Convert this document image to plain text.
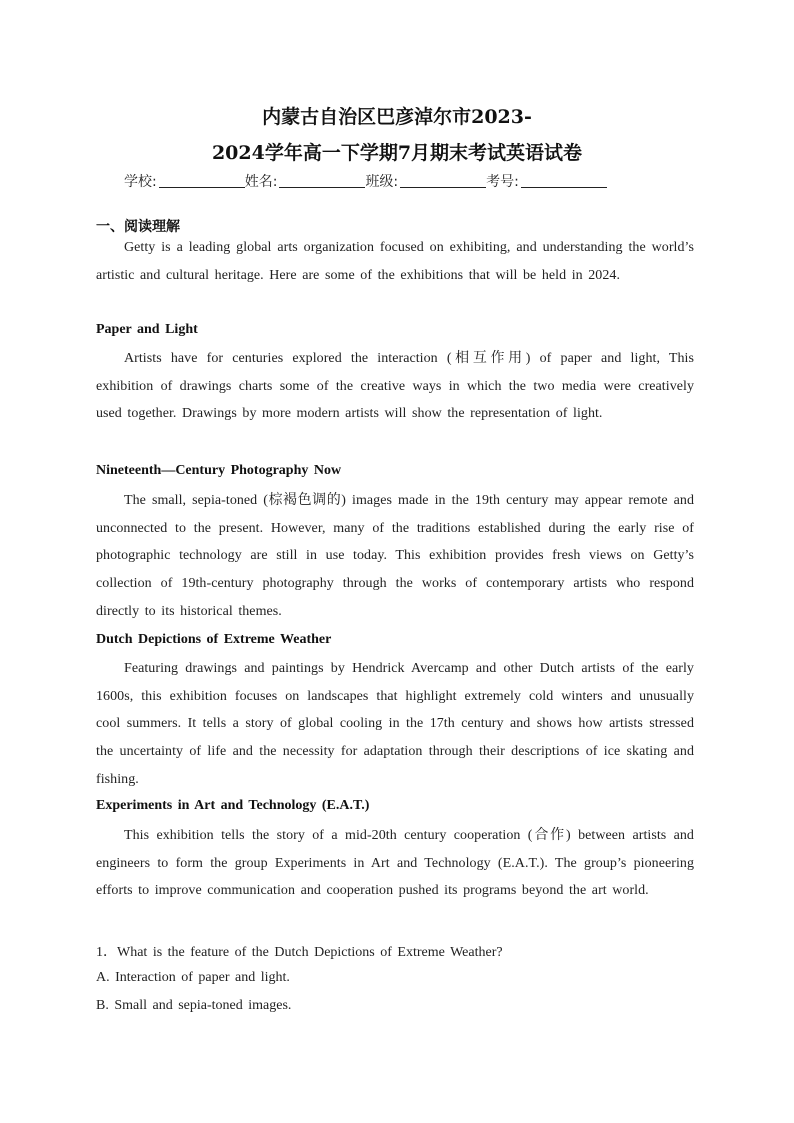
内蒙古自治区巴彦淖尔市2023-
2024学年高一下学期7月期末考试英语试卷
学校:	姓名:	班级:	考号:
一、阅读理解
Getty is a leading global arts organization focused on exhibiting, and understanding the world’s artistic and cultural heritage. Here are some of the exhibitions that will be held in 2024.
Paper and Light
Artists have for centuries explored the interaction (相互作用) of paper and light, This exhibition of drawings charts some of the creative ways in which the two media were creatively used together. Drawings by more modern artists will show the representation of light.
Nineteenth—Century Photography Now
The small, sepia-toned (棕褐色调的) images made in the 19th century may appear remote and unconnected to the present. However, many of the traditions established during the early rise of photographic technology are still in use today. This exhibition provides fresh views on Getty’s collection of 19th-century photography through the works of contemporary artists who respond directly to its historical themes.
Dutch Depictions of Extreme Weather
Featuring drawings and paintings by Hendrick Avercamp and other Dutch artists of the early 1600s, this exhibition focuses on landscapes that highlight extremely cold winters and unusually cool summers. It tells a story of global cooling in the 17th century and shows how artists stressed the uncertainty of life and the necessity for adaptation through their descriptions of ice skating and fishing.
Experiments in Art and Technology (E.A.T.)
This exhibition tells the story of a mid-20th century cooperation (合作) between artists and engineers to form the group Experiments in Art and Technology (E.A.T.). The group’s pioneering efforts to improve communication and cooperation pushed its programs beyond the art world.
1．What is the feature of the Dutch Depictions of Extreme Weather?
A. Interaction of paper and light.
B. Small and sepia-toned images.
